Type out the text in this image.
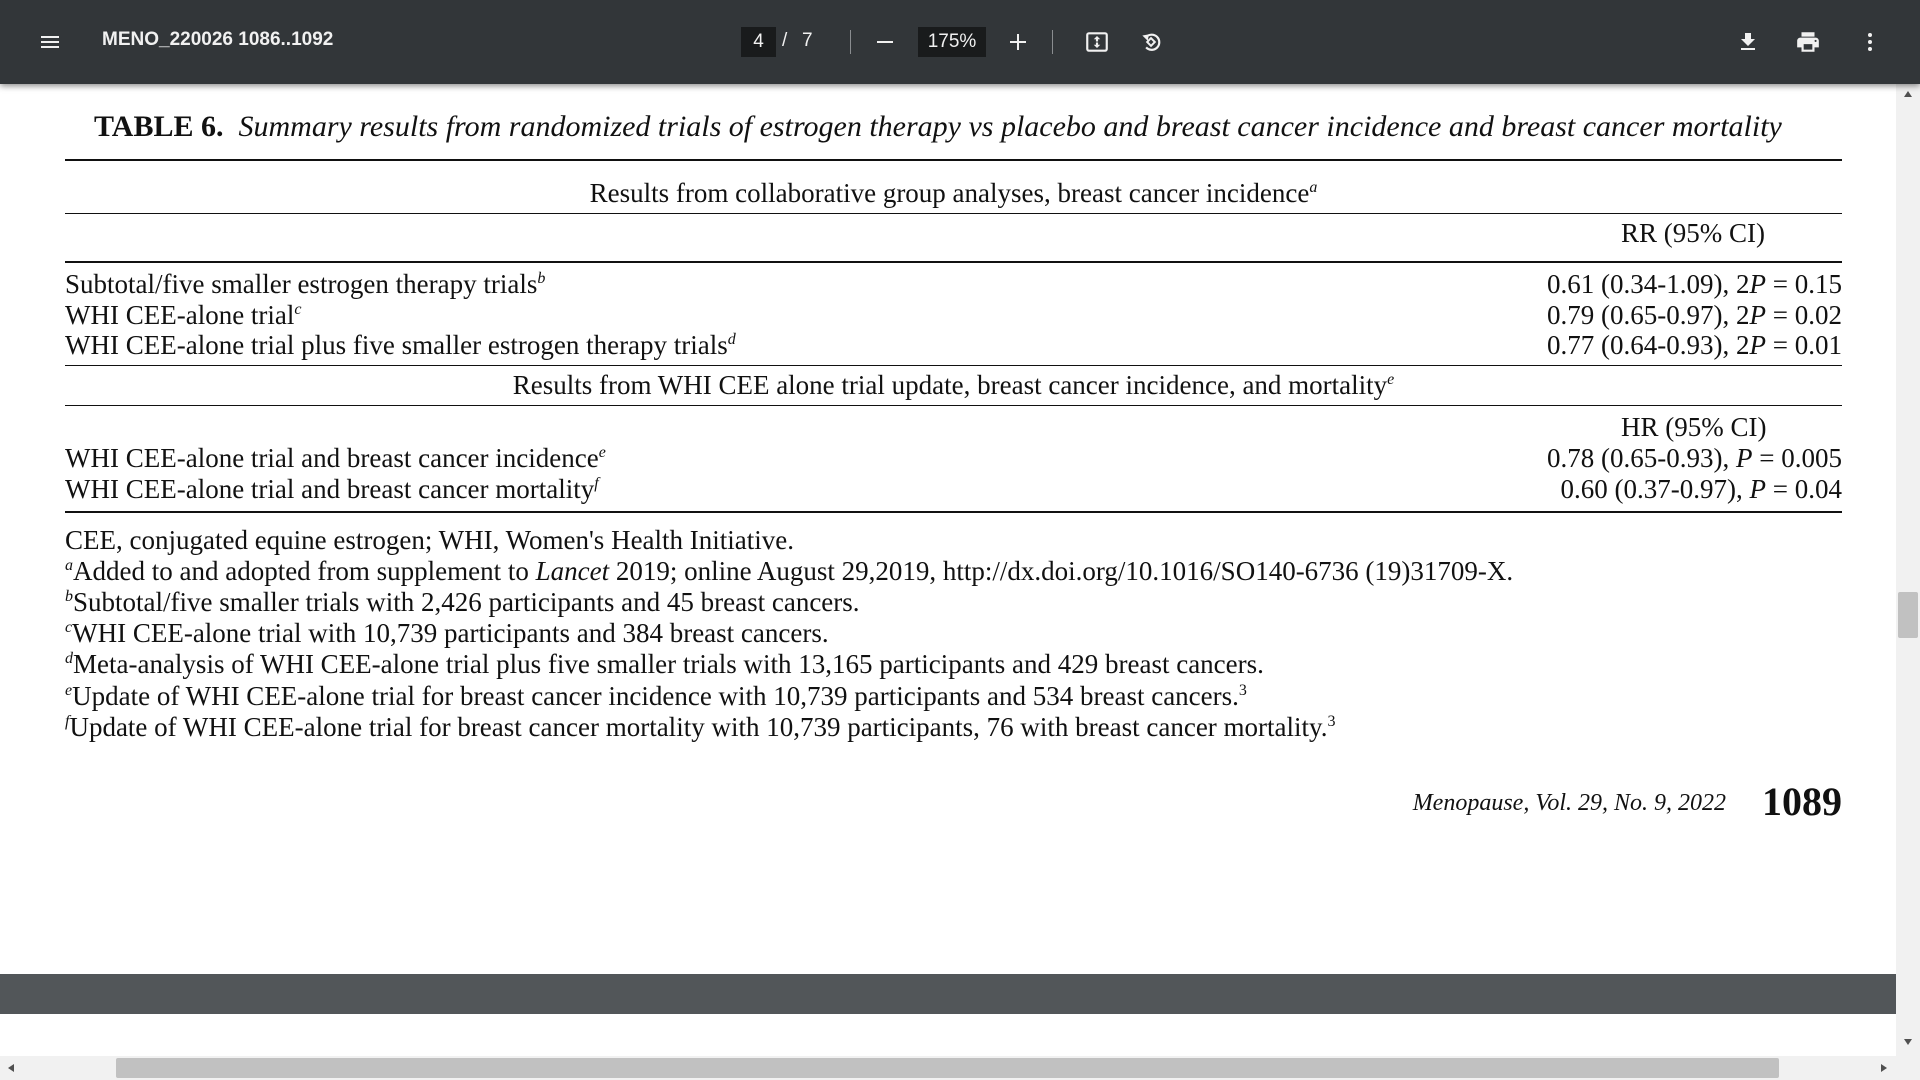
MENO_220026 1086..1092	4 / 7	175%
TABLE 6. Summary results from randomized trials of estrogen therapy vs placebo and breast cancer incidence and breast cancer mortality
Results from collaborative group analyses, breast cancer incidence$^a$
RR (95% CI)
Subtotal/five smaller estrogen therapy trials$^b$	0.61 (0.34-1.09), 2P = 0.15
WHI CEE-alone trial$^c$	0.79 (0.65-0.97), 2P = 0.02
WHI CEE-alone trial plus five smaller estrogen therapy trials$^d$	0.77 (0.64-0.93), 2P = 0.01
Results from WHI CEE alone trial update, breast cancer incidence, and mortality$^e$
HR (95% CI)
WHI CEE-alone trial and breast cancer incidence$^e$	0.78 (0.65-0.93), P = 0.005
WHI CEE-alone trial and breast cancer mortality$^f$	0.60 (0.37-0.97), P = 0.04
CEE, conjugated equine estrogen; WHI, Women's Health Initiative.
$^a$Added to and adopted from supplement to Lancet 2019; online August 29,2019, http://dx.doi.org/10.1016/SO140-6736 (19)31709-X.
$^b$Subtotal/five smaller trials with 2,426 participants and 45 breast cancers.
$^c$WHI CEE-alone trial with 10,739 participants and 384 breast cancers.
$^d$Meta-analysis of WHI CEE-alone trial plus five smaller trials with 13,165 participants and 429 breast cancers.
$^e$Update of WHI CEE-alone trial for breast cancer incidence with 10,739 participants and 534 breast cancers.$^3$
$^f$Update of WHI CEE-alone trial for breast cancer mortality with 10,739 participants, 76 with breast cancer mortality.$^3$
Menopause, Vol. 29, No. 9, 2022 1089
